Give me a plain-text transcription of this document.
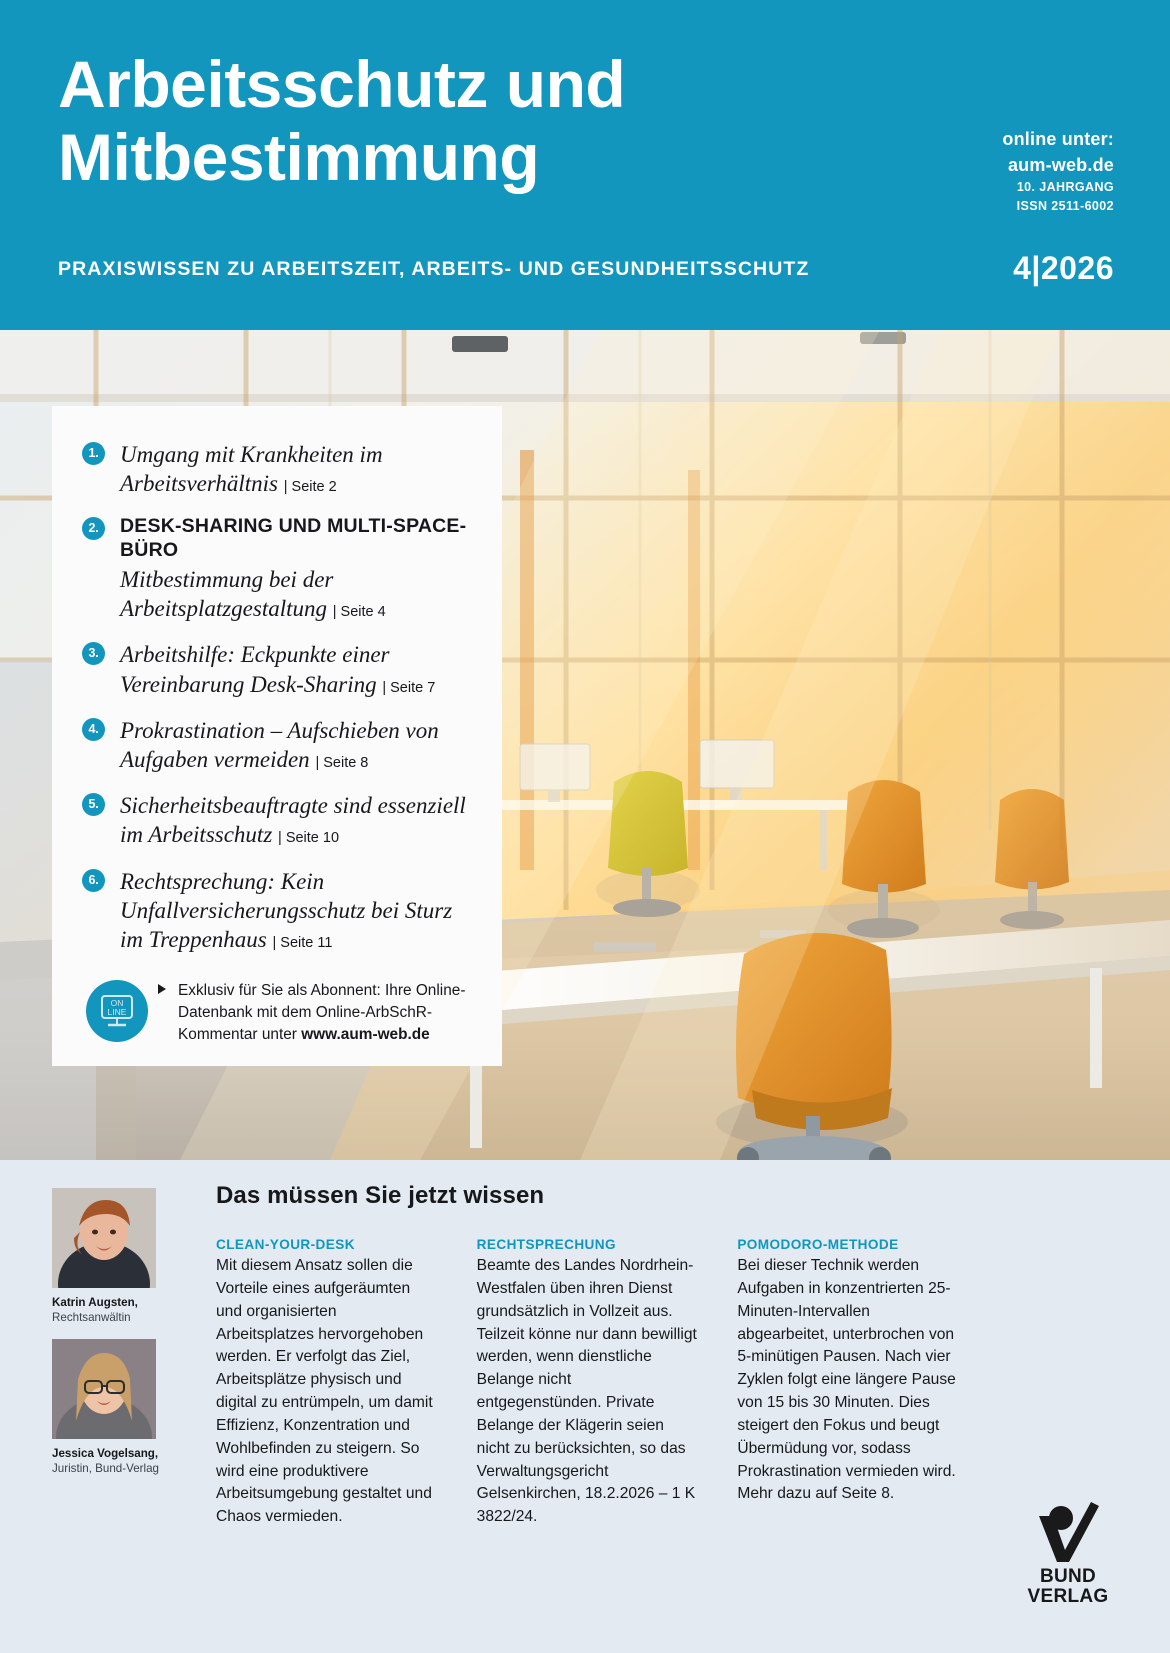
Arbeitsschutz und
Mitbestimmung	online unter:
aum-web.de
10. JAHRGANG
ISSN 2511-6002
PRAXISWISSEN ZU ARBEITSZEIT, ARBEITS- UND GESUNDHEITSSCHUTZ	4|2026
1. Umgang mit Krankheiten im Arbeitsverhältnis | Seite 2
2.	DESK-SHARING UND MULTI-SPACE-BÜRO
Mitbestimmung bei der Arbeitsplatzgestaltung | Seite 4
3. Arbeitshilfe: Eckpunkte einer Vereinbarung Desk-Sharing | Seite 7
4. Prokrastination – Aufschieben von Aufgaben vermeiden | Seite 8
5. Sicherheitsbeauftragte sind essenziell im Arbeitsschutz | Seite 10
6. Rechtsprechung: Kein Unfallversicherungsschutz bei Sturz im Treppenhaus | Seite 11
ON
LINE
Exklusiv für Sie als Abonnent: Ihre Online-Datenbank mit dem Online-ArbSchR-Kommentar unter www.aum-web.de
Das müssen Sie jetzt wissen
Katrin Augsten,
Rechtsanwältin
Jessica Vogelsang,
Juristin, Bund-Verlag
CLEAN-YOUR-DESK
Mit diesem Ansatz sollen die Vorteile eines aufgeräumten und organisierten Arbeitsplatzes hervorgehoben werden. Er verfolgt das Ziel, Arbeitsplätze physisch und digital zu entrümpeln, um damit Effizienz, Konzentration und Wohlbefinden zu steigern. So wird eine produktivere Arbeitsumgebung gestaltet und Chaos vermieden.
RECHTSPRECHUNG
Beamte des Landes Nordrhein-Westfalen üben ihren Dienst grundsätzlich in Vollzeit aus. Teilzeit könne nur dann bewilligt werden, wenn dienstliche Belange nicht entgegenstünden. Private Belange der Klägerin seien nicht zu berücksichten, so das Verwaltungsgericht Gelsenkirchen, 18.2.2026 – 1 K 3822/24.
POMODORO-METHODE
Bei dieser Technik werden Aufgaben in konzentrierten 25-Minuten-Intervallen abgearbeitet, unterbrochen von 5-minütigen Pausen. Nach vier Zyklen folgt eine längere Pause von 15 bis 30 Minuten. Dies steigert den Fokus und beugt Übermüdung vor, sodass Prokrastination vermieden wird. Mehr dazu auf Seite 8.
BUND
VERLAG
